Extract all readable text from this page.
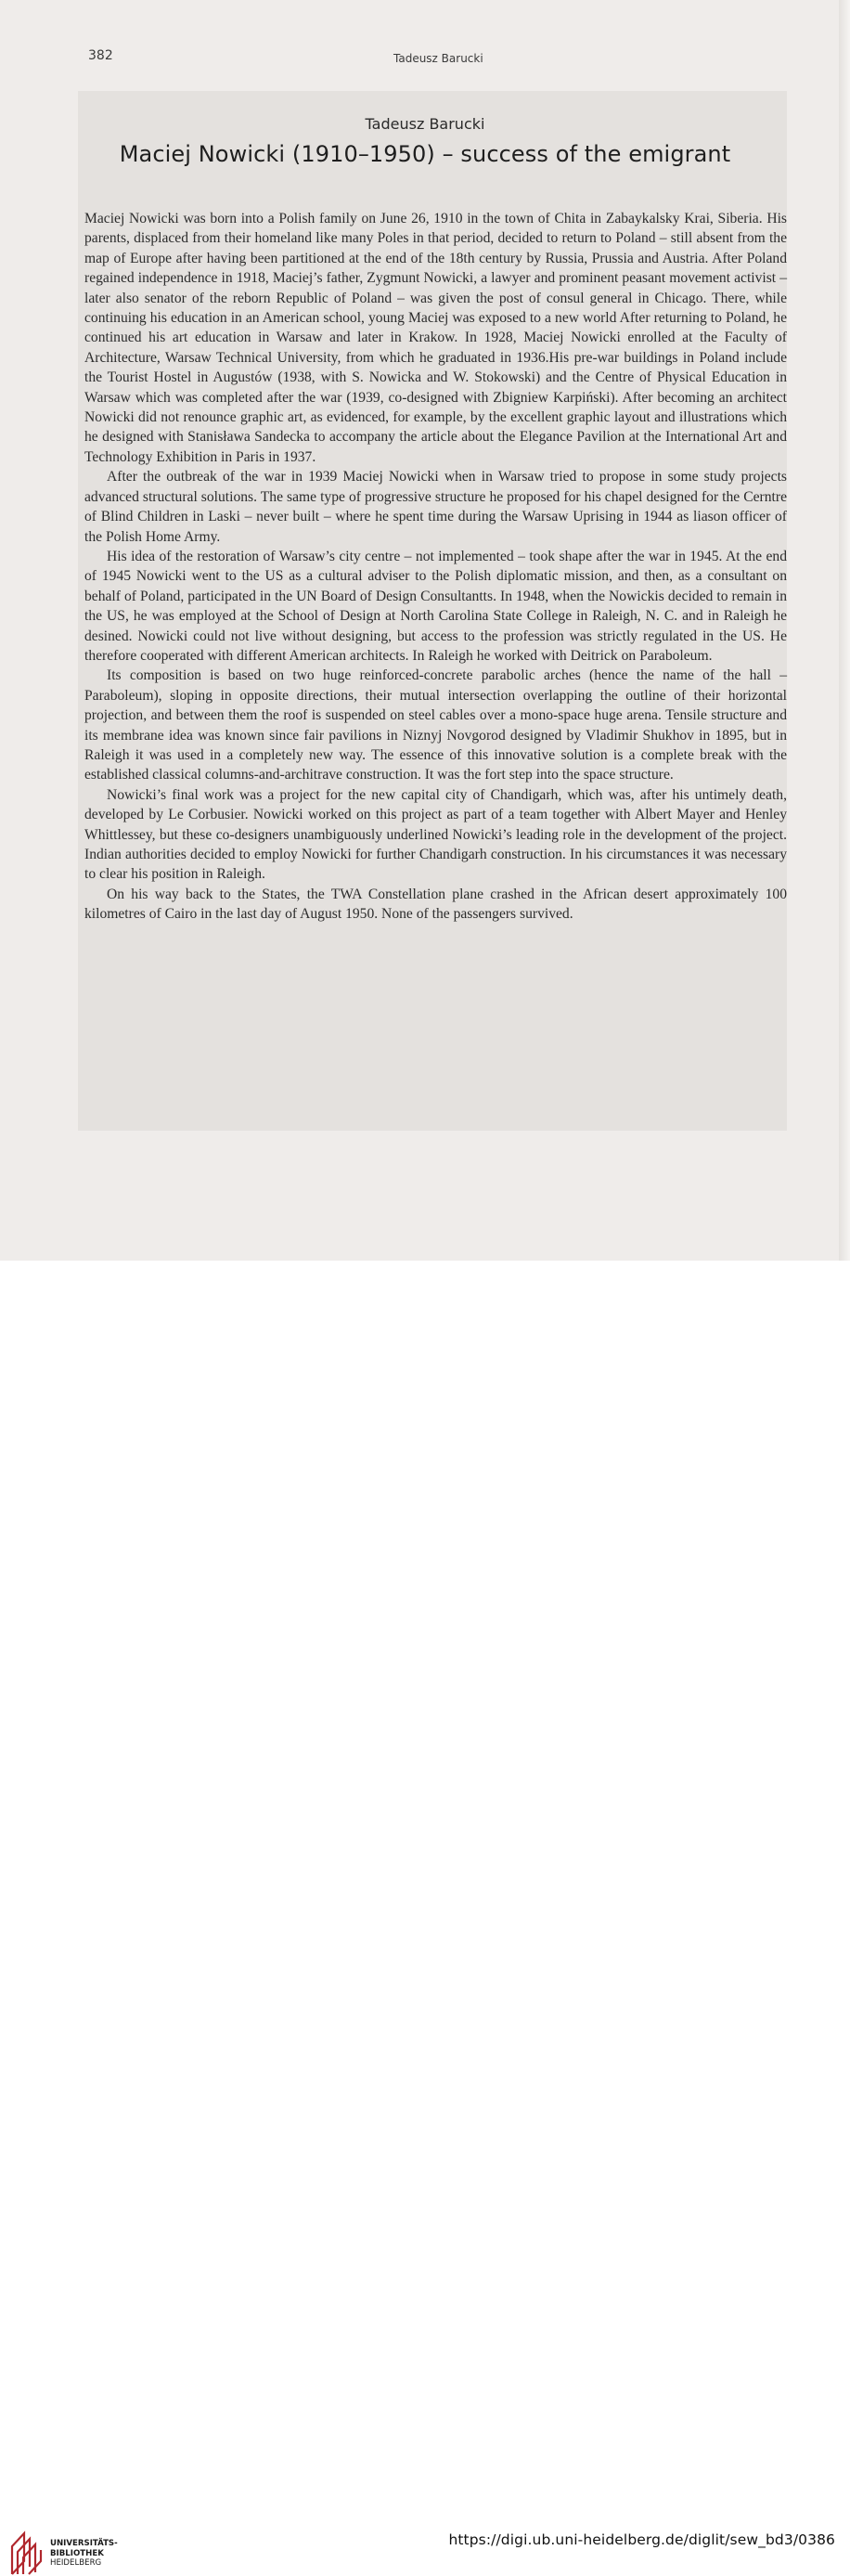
382	Tadeusz Barucki
Tadeusz Barucki
Maciej Nowicki (1910–1950) – success of the emigrant

Maciej Nowicki was born into a Polish family on June 26, 1910 in the town of Chita in Zabaykalsky Krai, Siberia. His parents, displaced from their homeland like many Poles in that period, decided to return to Poland – still absent from the map of Europe after having been partitioned at the end of the 18th century by Russia, Prussia and Austria. After Poland regained independence in 1918, Maciej’s father, Zygmunt Nowicki, a lawyer and prominent peasant movement activist – later also senator of the reborn Republic of Poland – was given the post of consul general in Chicago. There, while continuing his education in an American school, young Maciej was exposed to a new world After returning to Poland, he continued his art education in Warsaw and later in Krakow. In 1928, Maciej Nowicki enrolled at the Faculty of Architecture, Warsaw Technical University, from which he graduated in 1936.His pre-war buildings in Poland include the Tourist Hostel in Augustów (1938, with S. Nowicka and W. Stokowski) and the Centre of Physical Education in Warsaw which was completed after the war (1939, co-designed with Zbigniew Karpiński). After becoming an architect Nowicki did not renounce graphic art, as evidenced, for example, by the excellent graphic layout and illustrations which he designed with Stanisława Sandecka to accompany the article about the Elegance Pavilion at the International Art and Technology Exhibition in Paris in 1937.

After the outbreak of the war in 1939 Maciej Nowicki when in Warsaw tried to propose in some study projects advanced structural solutions. The same type of progressive structure he proposed for his chapel designed for the Cerntre of Blind Children in Laski – never built – where he spent time during the Warsaw Uprising in 1944 as liason officer of the Polish Home Army.

His idea of the restoration of Warsaw’s city centre – not implemented – took shape after the war in 1945. At the end of 1945 Nowicki went to the US as a cultural adviser to the Polish diplomatic mission, and then, as a consultant on behalf of Poland, participated in the UN Board of Design Consultantts. In 1948, when the Nowickis decided to remain in the US, he was employed at the School of Design at North Carolina State College in Raleigh, N. C. and in Raleigh he desined. Nowicki could not live without designing, but access to the profession was strictly regulated in the US. He therefore cooperated with different American architects. In Raleigh he worked with Deitrick on Paraboleum.

Its composition is based on two huge reinforced-concrete parabolic arches (hence the name of the hall – Paraboleum), sloping in opposite directions, their mutual intersection overlapping the outline of their horizontal projection, and between them the roof is suspended on steel cables over a mono-space huge arena. Tensile structure and its membrane idea was known since fair pavilions in Niznyj Novgorod designed by Vladimir Shukhov in 1895, but in Raleigh it was used in a completely new way. The essence of this innovative solution is a complete break with the established classical columns-and-architrave construction. It was the fort step into the space structure.

Nowicki’s final work was a project for the new capital city of Chandigarh, which was, after his untimely death, developed by Le Corbusier. Nowicki worked on this project as part of a team together with Albert Mayer and Henley Whittlessey, but these co-designers unambiguously underlined Nowicki’s leading role in the development of the project. Indian authorities decided to employ Nowicki for further Chandigarh construction. In his circumstances it was necessary to clear his position in Raleigh.

On his way back to the States, the TWA Constellation plane crashed in the African desert approximately 100 kilometres of Cairo in the last day of August 1950. None of the passengers survived.

UNIVERSITÄTS-
BIBLIOTHEK
HEIDELBERG
https://digi.ub.uni-heidelberg.de/diglit/sew_bd3/0386
